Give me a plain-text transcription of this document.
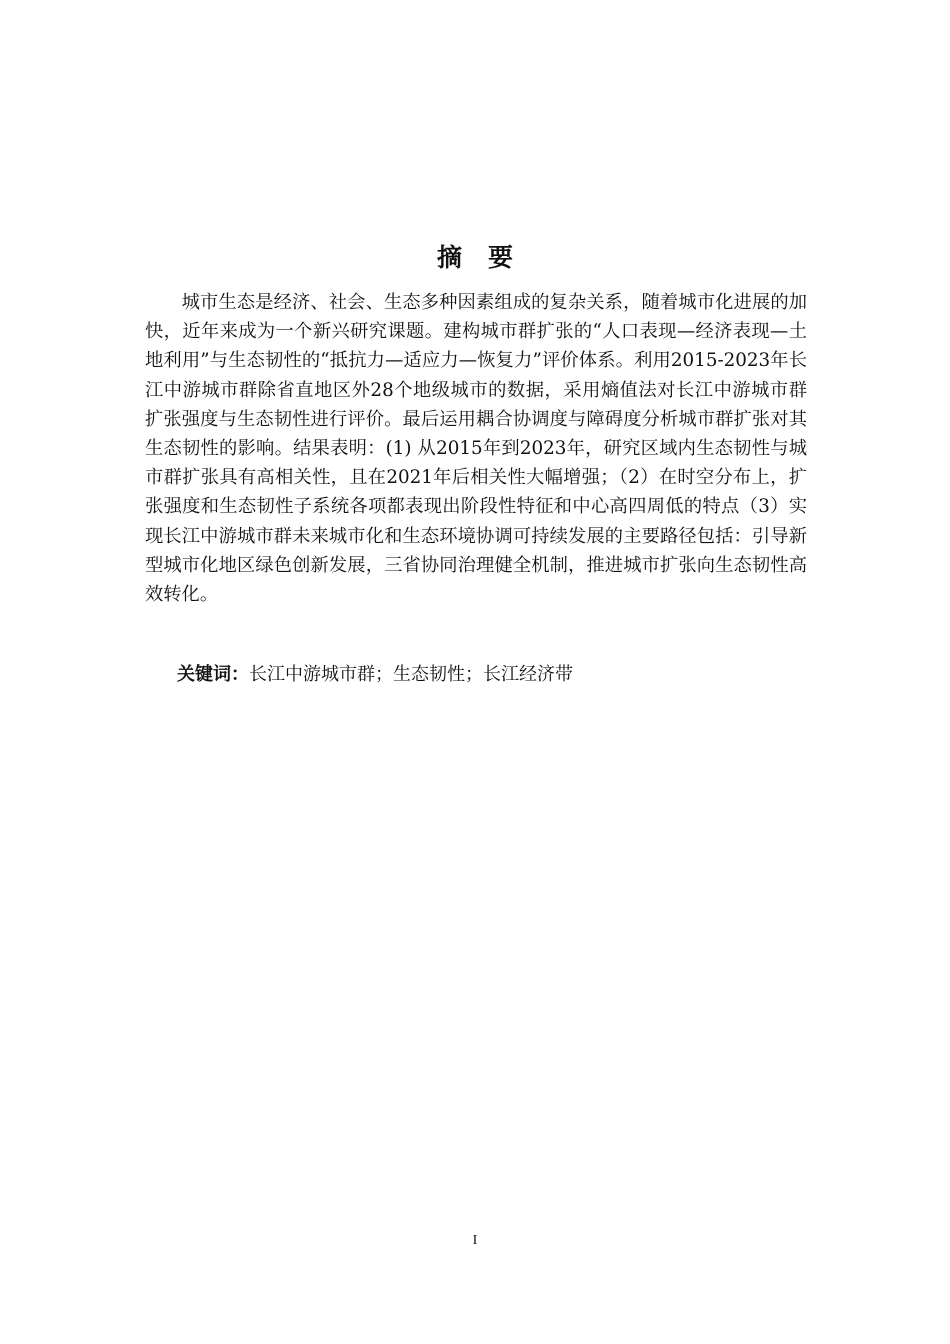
摘 要

城市生态是经济、社会、生态多种因素组成的复杂关系，随着城市化进展的加快，近年来成为一个新兴研究课题。建构城市群扩张的“人口表现—经济表现—土地利用”与生态韧性的“抵抗力—适应力—恢复力”评价体系。利用2015-2023年长江中游城市群除省直地区外28个地级城市的数据，采用熵值法对长江中游城市群扩张强度与生态韧性进行评价。最后运用耦合协调度与障碍度分析城市群扩张对其生态韧性的影响。结果表明：(1) 从2015年到2023年，研究区域内生态韧性与城市群扩张具有高相关性，且在2021年后相关性大幅增强；（2）在时空分布上，扩张强度和生态韧性子系统各项都表现出阶段性特征和中心高四周低的特点（3）实现长江中游城市群未来城市化和生态环境协调可持续发展的主要路径包括：引导新型城市化地区绿色创新发展，三省协同治理健全机制，推进城市扩张向生态韧性高效转化。

关键词：长江中游城市群；生态韧性；长江经济带

I
